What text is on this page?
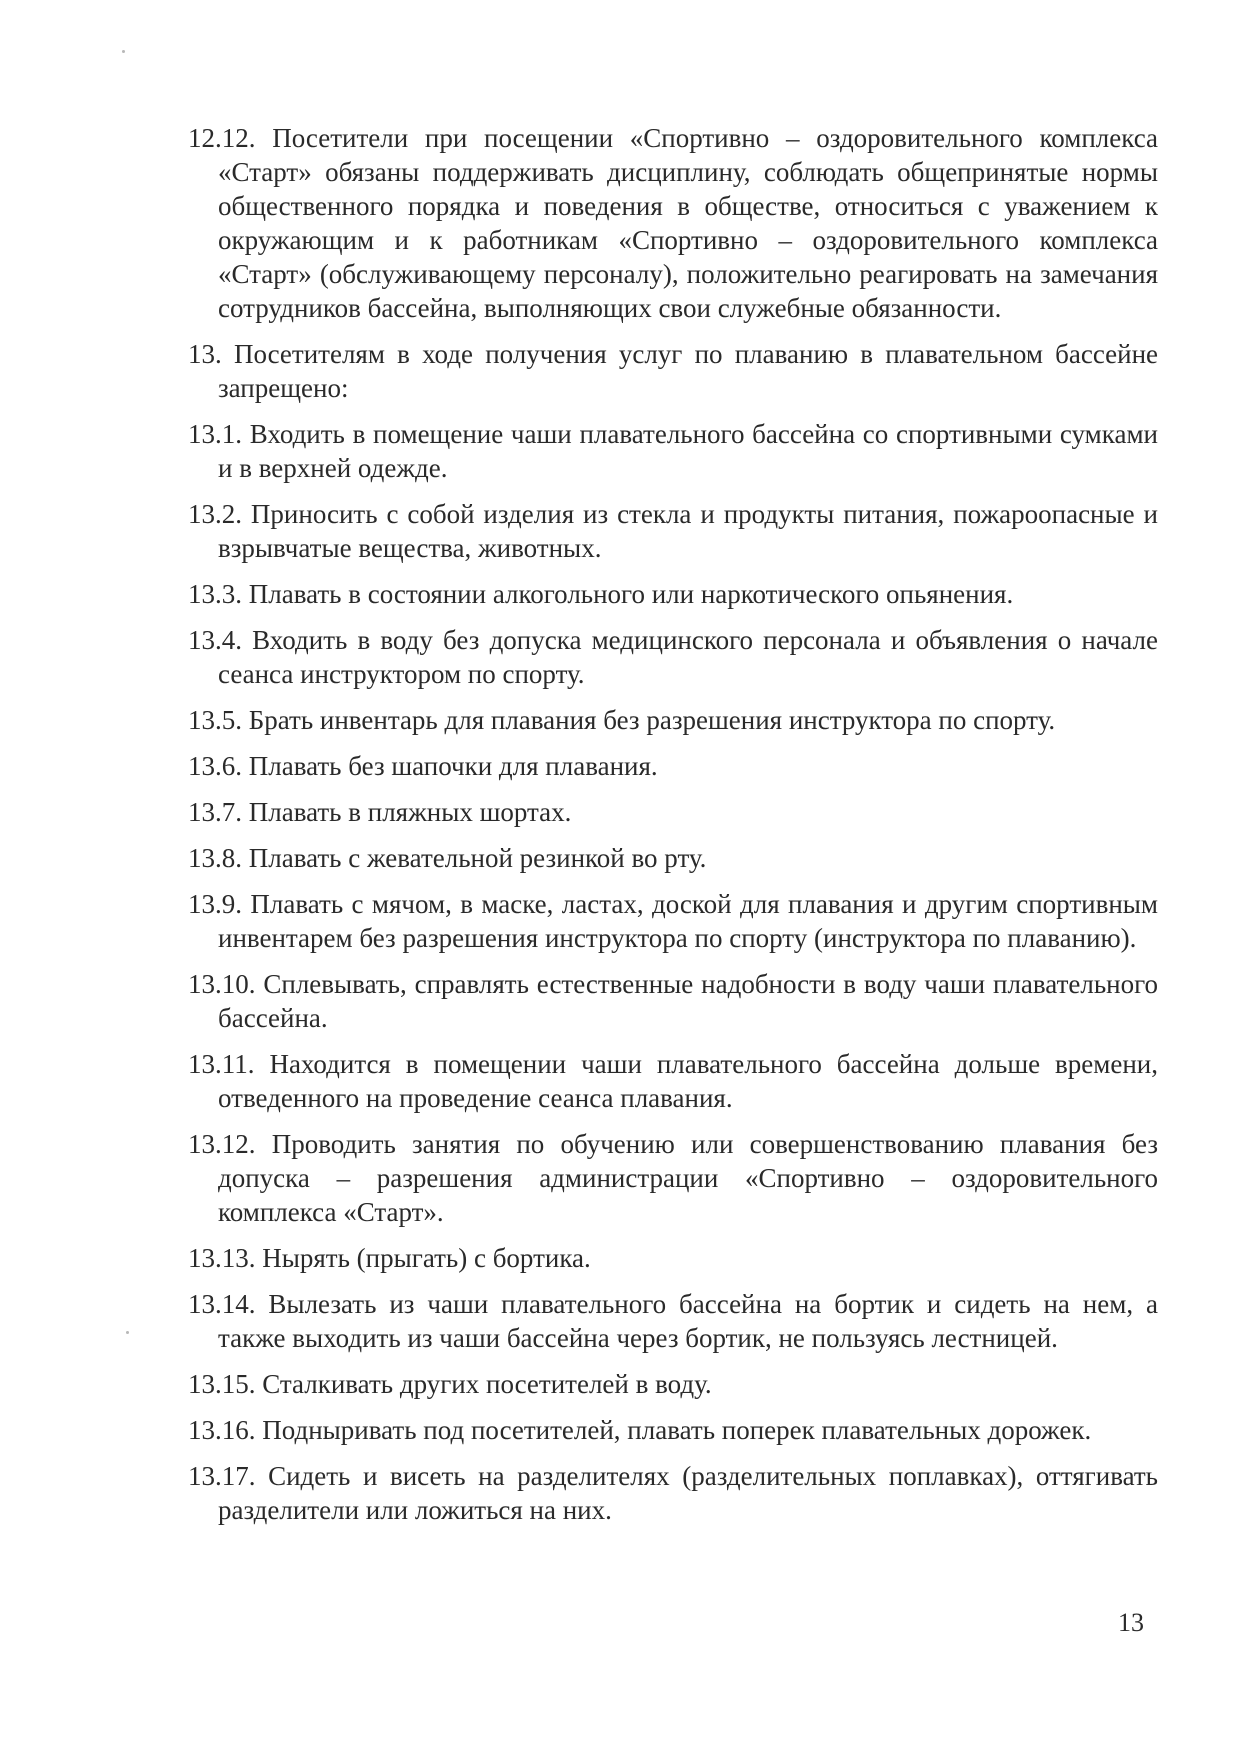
12.12. Посетители при посещении «Спортивно – оздоровительного комплекса «Старт» обязаны поддерживать дисциплину, соблюдать общепринятые нормы общественного порядка и поведения в обществе, относиться с уважением к окружающим и к работникам «Спортивно – оздоровительного комплекса «Старт» (обслуживающему персоналу), положительно реагировать на замечания сотрудников бассейна, выполняющих свои служебные обязанности.

13. Посетителям в ходе получения услуг по плаванию в плавательном бассейне запрещено:

13.1. Входить в помещение чаши плавательного бассейна со спортивными сумками и в верхней одежде.

13.2. Приносить с собой изделия из стекла и продукты питания, пожароопасные и взрывчатые вещества, животных.

13.3. Плавать в состоянии алкогольного или наркотического опьянения.

13.4. Входить в воду без допуска медицинского персонала и объявления о начале сеанса инструктором по спорту.

13.5. Брать инвентарь для плавания без разрешения инструктора по спорту.

13.6. Плавать без шапочки для плавания.

13.7. Плавать в пляжных шортах.

13.8. Плавать с жевательной резинкой во рту.

13.9. Плавать с мячом, в маске, ластах, доской для плавания и другим спортивным инвентарем без разрешения инструктора по спорту (инструктора по плаванию).

13.10. Сплевывать, справлять естественные надобности в воду чаши плавательного бассейна.

13.11. Находится в помещении чаши плавательного бассейна дольше времени, отведенного на проведение сеанса плавания.

13.12. Проводить занятия по обучению или совершенствованию плавания без допуска – разрешения администрации «Спортивно – оздоровительного комплекса «Старт».

13.13. Нырять (прыгать) с бортика.

13.14. Вылезать из чаши плавательного бассейна на бортик и сидеть на нем, а также выходить из чаши бассейна через бортик, не пользуясь лестницей.

13.15. Сталкивать других посетителей в воду.

13.16. Подныривать под посетителей, плавать поперек плавательных дорожек.

13.17. Сидеть и висеть на разделителях (разделительных поплавках), оттягивать разделители или ложиться на них.

13
